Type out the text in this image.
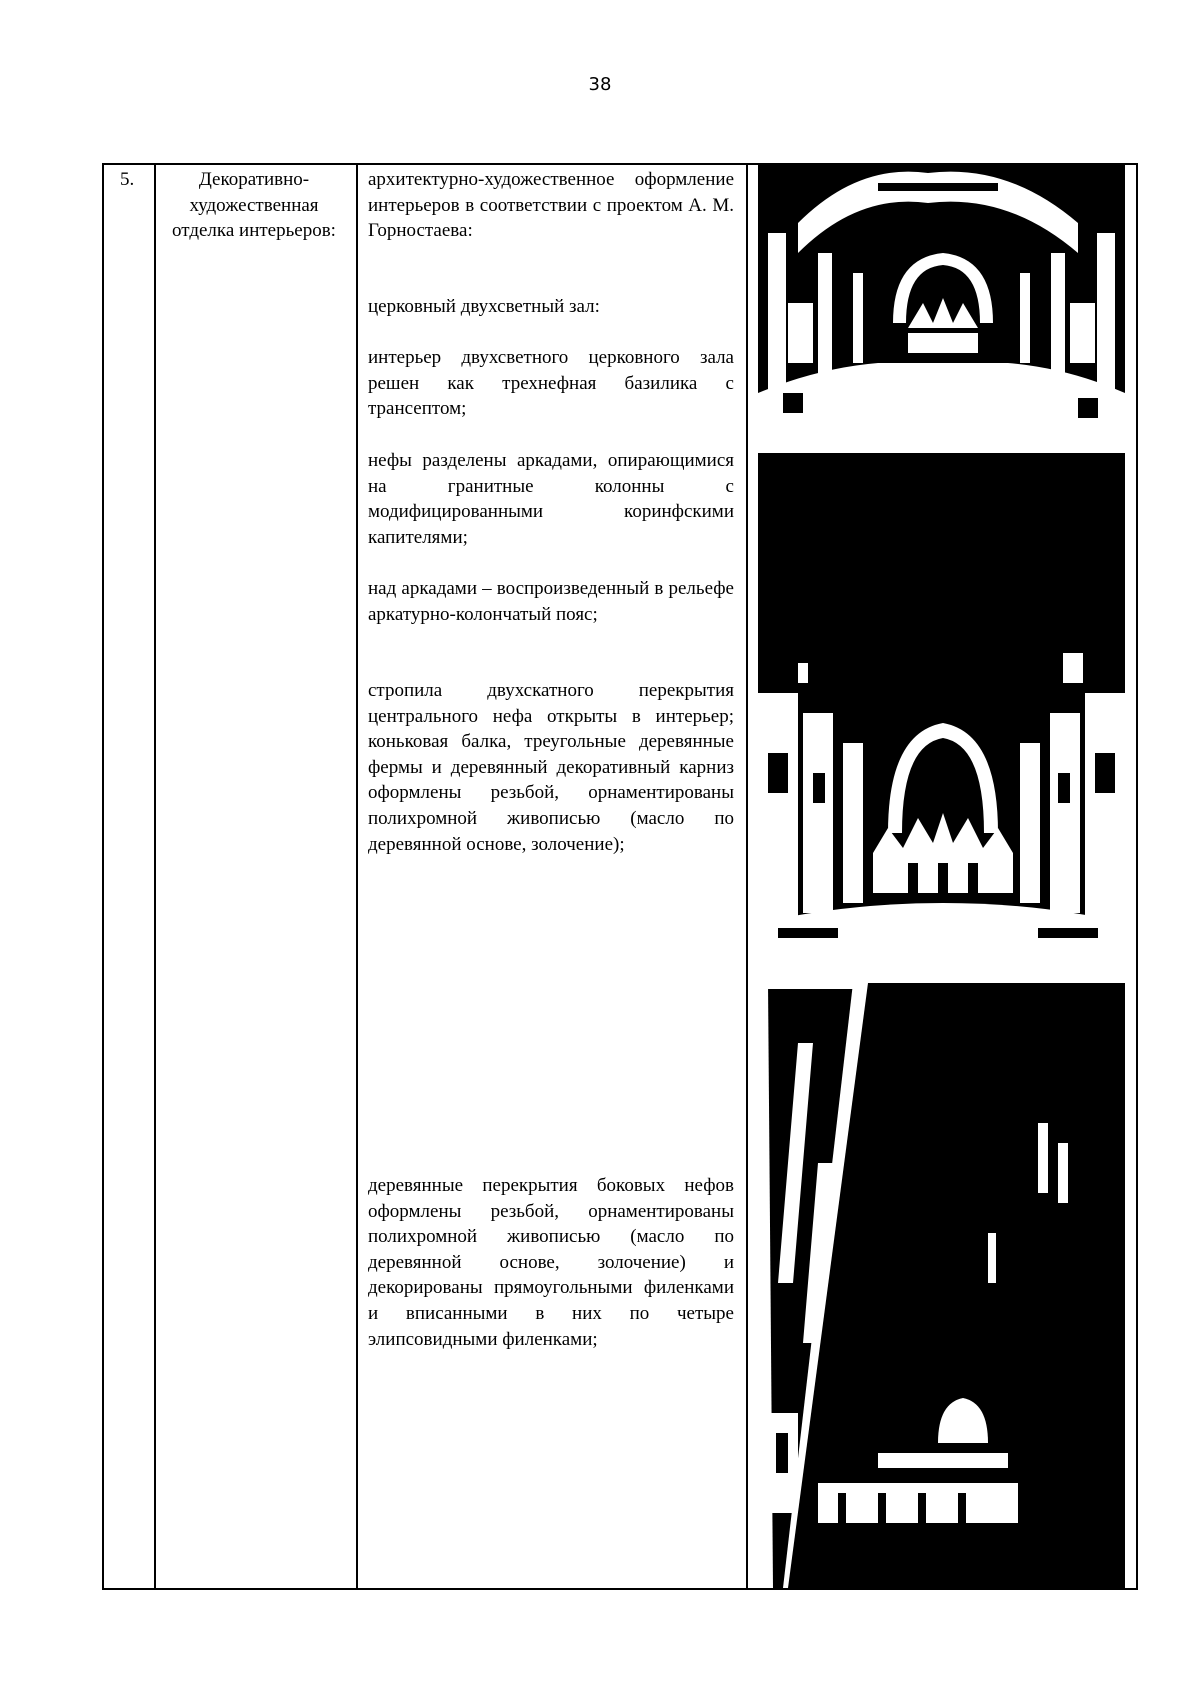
38
5.	Декоративно-художественная отделка интерьеров:
архитектурно-художественное оформление интерьеров в соответствии с проектом А. М. Горностаева:
церковный двухсветный зал:
интерьер двухсветного церковного зала решен как трехнефная базилика с трансептом;
нефы разделены аркадами, опирающимися на гранитные колонны с модифицированными коринфскими капителями;
над аркадами – воспроизведенный в рельефе аркатурно-колончатый пояс;
стропила двухскатного перекрытия центрального нефа открыты в интерьер; коньковая балка, треугольные деревянные фермы и деревянный декоративный карниз оформлены резьбой, орнаментированы полихромной живописью (масло по деревянной основе, золочение);
деревянные перекрытия боковых нефов оформлены резьбой, орнаментированы полихромной живописью (масло по деревянной основе, золочение) и декорированы прямоугольными филенками и вписанными в них по четыре элипсовидными филенками;
